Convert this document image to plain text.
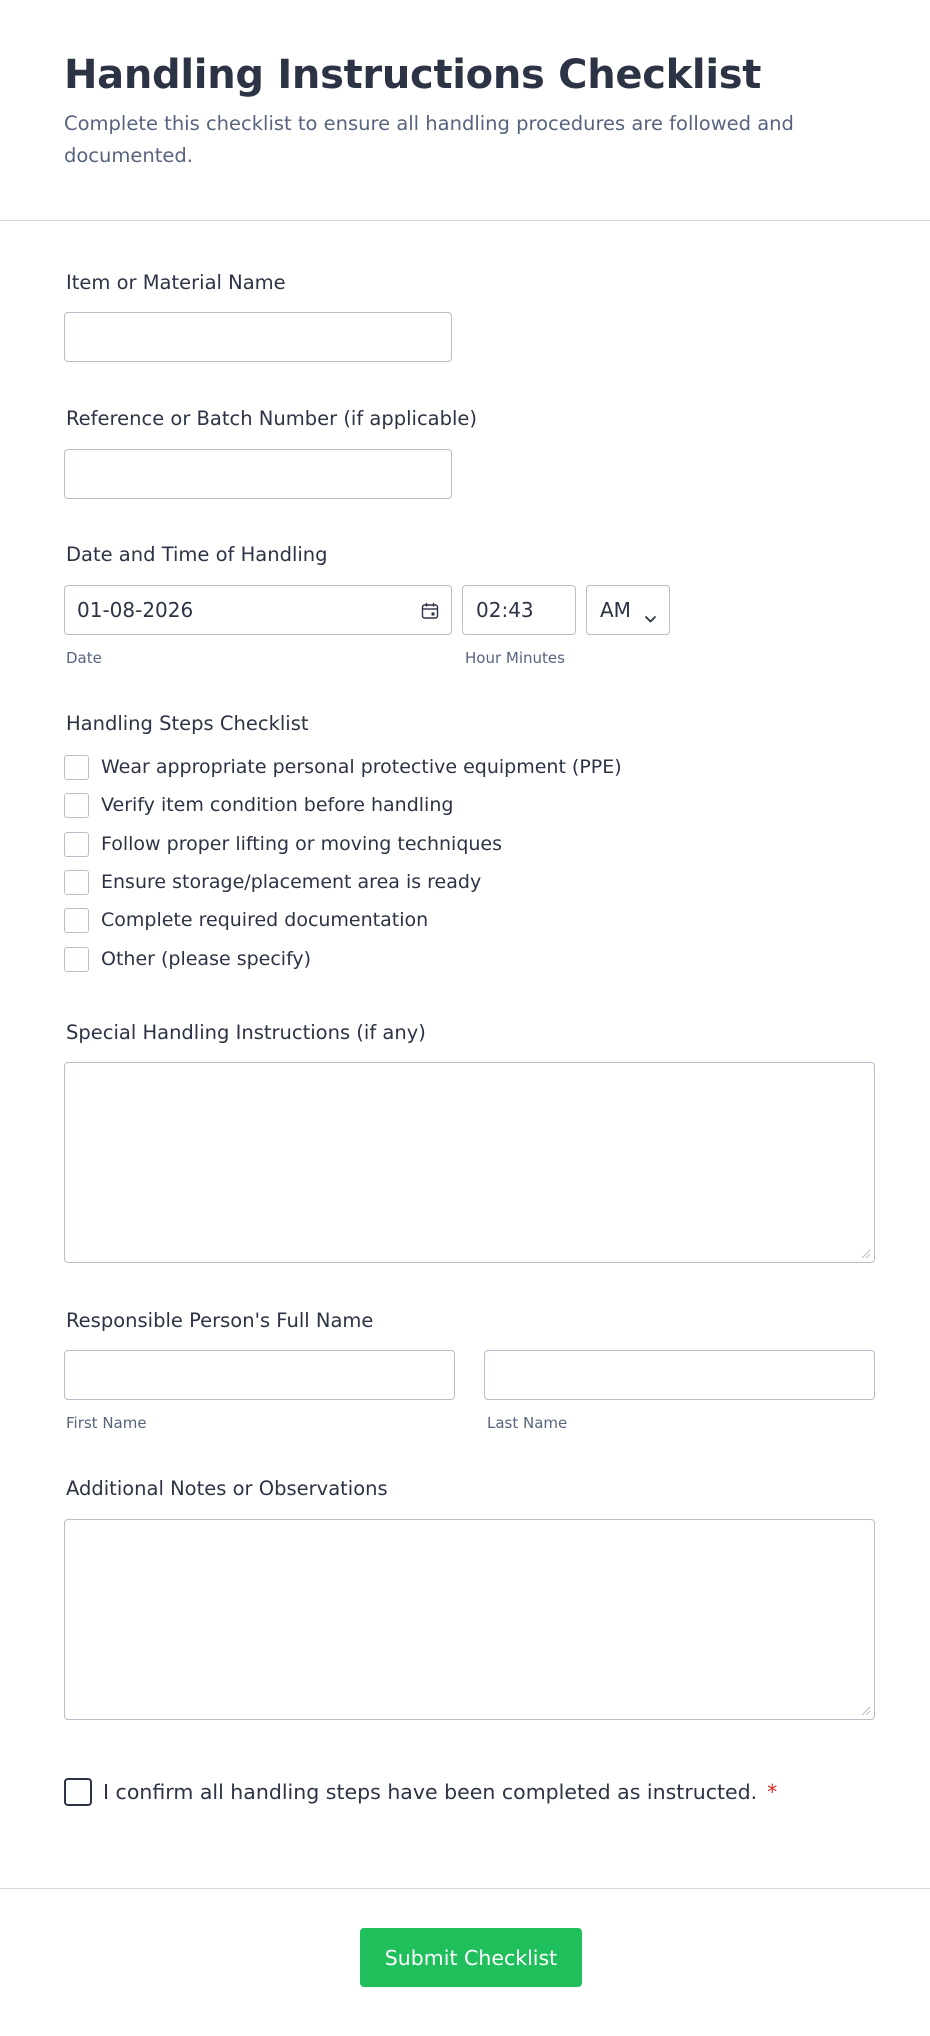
Handling Instructions Checklist

Complete this checklist to ensure all handling procedures are followed and documented.

Item or Material Name
Reference or Batch Number (if applicable)
Date and Time of Handling
01-08-2026
Date
02:43
Hour Minutes
AM
Handling Steps Checklist
Wear appropriate personal protective equipment (PPE)
Verify item condition before handling
Follow proper lifting or moving techniques
Ensure storage/placement area is ready
Complete required documentation
Other (please specify)
Special Handling Instructions (if any)
Responsible Person's Full Name
First Name	Last Name
Additional Notes or Observations
I confirm all handling steps have been completed as instructed. *
Submit Checklist
